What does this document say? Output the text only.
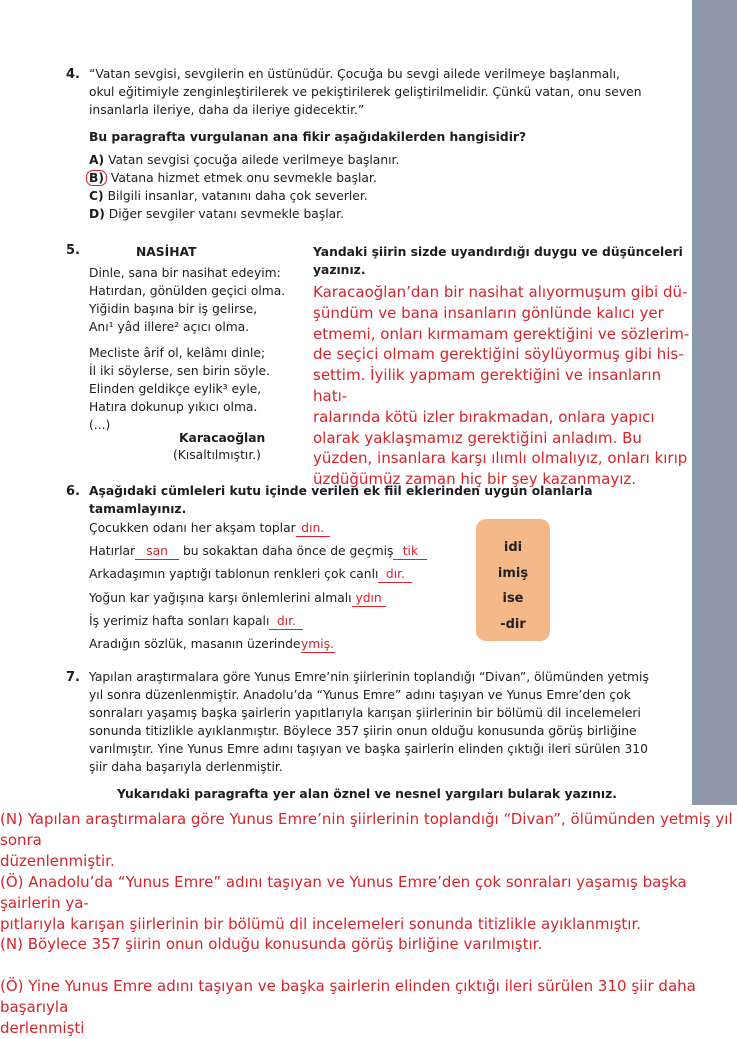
4. “Vatan sevgisi, sevgilerin en üstünüdür. Çocuğa bu sevgi ailede verilmeye başlanmalı, okul eğitimiyle zenginleştirilerek ve pekiştirilerek geliştirilmelidir. Çünkü vatan, onu seven insanlarla ileriye, daha da ileriye gidecektir.”
Bu paragrafta vurgulanan ana fikir aşağıdakilerden hangisidir?
A) Vatan sevgisi çocuğa ailede verilmeye başlanır.
B) Vatana hizmet etmek onu sevmekle başlar.
C) Bilgili insanlar, vatanını daha çok severler.
D) Diğer sevgiler vatanı sevmekle başlar.
5.	NASİHAT
Dinle, sana bir nasihat edeyim:
Hatırdan, gönülden geçici olma.
Yiğidin başına bir iş gelirse,
Anı¹ yâd illere² açıcı olma.
Mecliste ârif ol, kelâmı dinle;
İl iki söylerse, sen birin söyle.
Elinden geldikçe eylik³ eyle,
Hatıra dokunup yıkıcı olma.
(...)
Karacaoğlan
(Kısaltılmıştır.)
Yandaki şiirin sizde uyandırdığı duygu ve düşünceleri yazınız.
Karacaoğlan’dan bir nasihat alıyormuşum gibi dü-
şündüm ve bana insanların gönlünde kalıcı yer
etmemi, onları kırmamam gerektiğini ve sözlerim-
de seçici olmam gerektiğini söylüyormuş gibi his-
settim. İyilik yapmam gerektiğini ve insanların hatı-
ralarında kötü izler bırakmadan, onlara yapıcı
olarak yaklaşmamız gerektiğini anladım. Bu
yüzden, insanlara karşı ılımlı olmalıyız, onları kırıp
üzdüğümüz zaman hiç bir şey kazanmayız.
6. Aşağıdaki cümleleri kutu içinde verilen ek fiil eklerinden uygun olanlarla tamamlayınız.
Çocukken odanı her akşam toplar dın.
Hatırlar san bu sokaktan daha önce de geçmiş tik
Arkadaşımın yaptığı tablonun renkleri çok canlı dır.
Yoğun kar yağışına karşı önlemlerini almalı ydın
İş yerimiz hafta sonları kapalı dır.
Aradığın sözlük, masanın üzerindeymiş.
idi
imiş
ise
-dir
7. Yapılan araştırmalara göre Yunus Emre’nin şiirlerinin toplandığı “Divan”, ölümünden yetmiş yıl sonra düzenlenmiştir. Anadolu’da “Yunus Emre” adını taşıyan ve Yunus Emre’den çok sonraları yaşamış başka şairlerin yapıtlarıyla karışan şiirlerinin bir bölümü dil incelemeleri sonunda titizlikle ayıklanmıştır. Böylece 357 şiirin onun olduğu konusunda görüş birliğine varılmıştır. Yine Yunus Emre adını taşıyan ve başka şairlerin elinden çıktığı ileri sürülen 310 şiir daha başarıyla derlenmiştir.
Yukarıdaki paragrafta yer alan öznel ve nesnel yargıları bularak yazınız.
(N) Yapılan araştırmalara göre Yunus Emre’nin şiirlerinin toplandığı “Divan”, ölümünden yetmiş yıl sonra
düzenlenmiştir.
(Ö) Anadolu’da “Yunus Emre” adını taşıyan ve Yunus Emre’den çok sonraları yaşamış başka şairlerin ya-
pıtlarıyla karışan şiirlerinin bir bölümü dil incelemeleri sonunda titizlikle ayıklanmıştır.
(N) Böylece 357 şiirin onun olduğu konusunda görüş birliğine varılmıştır.
(Ö) Yine Yunus Emre adını taşıyan ve başka şairlerin elinden çıktığı ileri sürülen 310 şiir daha başarıyla
derlenmişti
